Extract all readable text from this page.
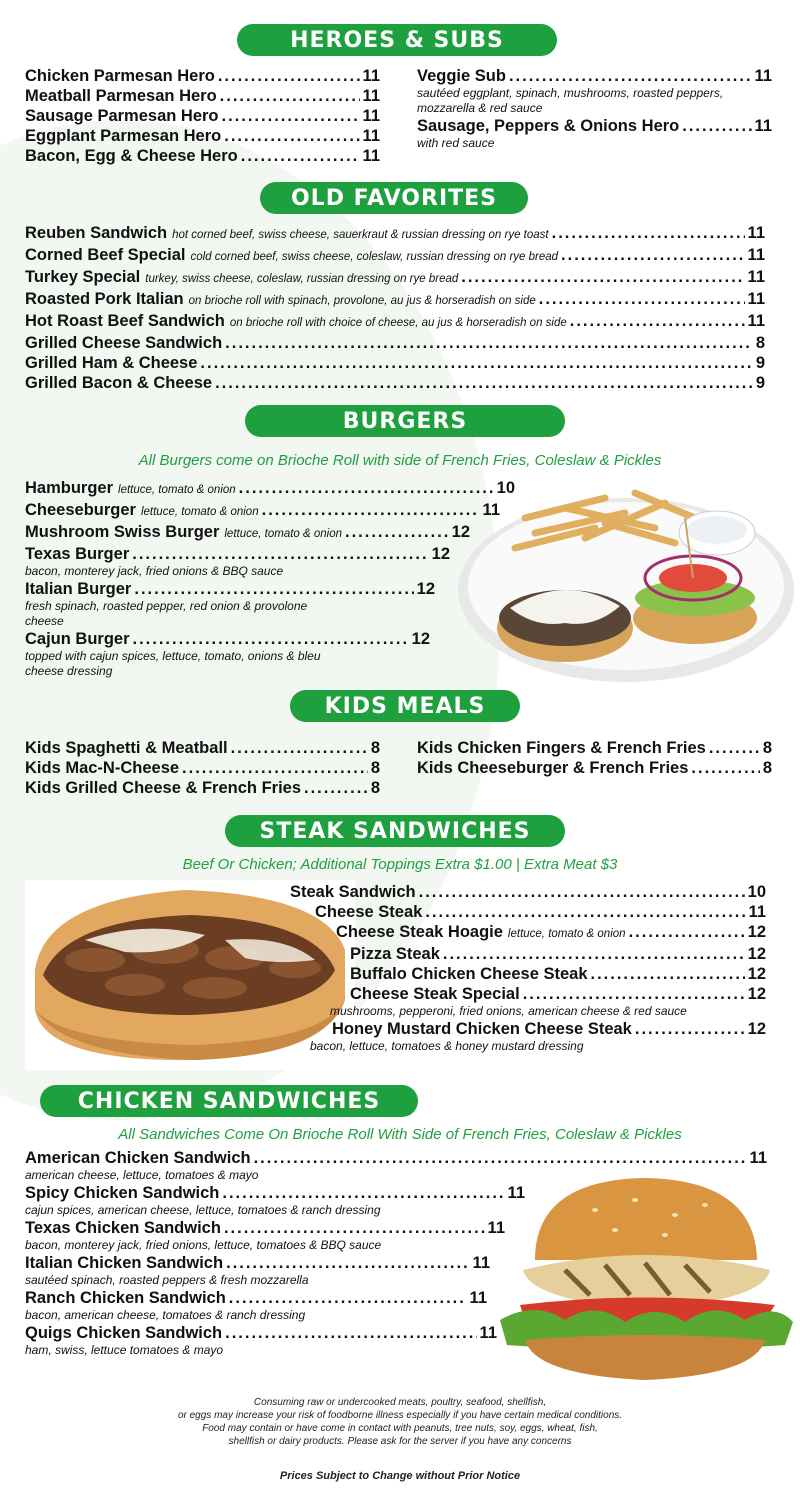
HEROES & SUBS
Chicken Parmesan Hero .....	11
Meatball Parmesan Hero .....	11
Sausage Parmesan Hero .....	11
Eggplant Parmesan Hero .....	11
Bacon, Egg & Cheese Hero .....	11
Veggie Sub .....	11
sautéed eggplant, spinach, mushrooms, roasted peppers, mozzarella & red sauce
Sausage, Peppers & Onions Hero .....	11
with red sauce
OLD FAVORITES
Reuben Sandwich hot corned beef, swiss cheese, sauerkraut & russian dressing on rye toast .....	11
Corned Beef Special cold corned beef, swiss cheese, coleslaw, russian dressing on rye bread .....	11
Turkey Special turkey, swiss cheese, coleslaw, russian dressing on rye bread .....	11
Roasted Pork Italian on brioche roll with spinach, provolone, au jus & horseradish on side .....	11
Hot Roast Beef Sandwich on brioche roll with choice of cheese, au jus & horseradish on side .....	11
Grilled Cheese Sandwich .....	8
Grilled Ham & Cheese .....	9
Grilled Bacon & Cheese .....	9
BURGERS
All Burgers come on Brioche Roll with side of French Fries, Coleslaw & Pickles
Hamburger lettuce, tomato & onion .....	10
Cheeseburger lettuce, tomato & onion .....	11
Mushroom Swiss Burger lettuce, tomato & onion .....	12
Texas Burger .....	12
bacon, monterey jack, fried onions & BBQ sauce
Italian Burger .....	12
fresh spinach, roasted pepper, red onion & provolone cheese
Cajun Burger .....	12
topped with cajun spices, lettuce, tomato, onions & bleu cheese dressing
KIDS MEALS
Kids Spaghetti & Meatball .....	8
Kids Mac-N-Cheese .....	8
Kids Grilled Cheese & French Fries .....	8
Kids Chicken Fingers & French Fries .....	8
Kids Cheeseburger & French Fries .....	8
STEAK SANDWICHES
Beef Or Chicken; Additional Toppings Extra $1.00 | Extra Meat $3
Steak Sandwich .....	10
Cheese Steak .....	11
Cheese Steak Hoagie lettuce, tomato & onion .....	12
Pizza Steak .....	12
Buffalo Chicken Cheese Steak .....	12
Cheese Steak Special .....	12
mushrooms, pepperoni, fried onions, american cheese & red sauce
Honey Mustard Chicken Cheese Steak .....	12
bacon, lettuce, tomatoes & honey mustard dressing
CHICKEN SANDWICHES
All Sandwiches Come On Brioche Roll With Side of French Fries, Coleslaw & Pickles
American Chicken Sandwich .....	11
american cheese, lettuce, tomatoes & mayo
Spicy Chicken Sandwich .....	11
cajun spices, american cheese, lettuce, tomatoes & ranch dressing
Texas Chicken Sandwich .....	11
bacon, monterey jack, fried onions, lettuce, tomatoes & BBQ sauce
Italian Chicken Sandwich .....	11
sautéed spinach, roasted peppers & fresh mozzarella
Ranch Chicken Sandwich .....	11
bacon, american cheese, tomatoes & ranch dressing
Quigs Chicken Sandwich .....	11
ham, swiss, lettuce tomatoes & mayo
Consuming raw or undercooked meats, poultry, seafood, shellfish,
or eggs may increase your risk of foodborne illness especially if you have certain medical conditions.
Food may contain or have come in contact with peanuts, tree nuts, soy, eggs, wheat, fish,
shellfish or dairy products. Please ask for the server if you have any concerns
Prices Subject to Change without Prior Notice
